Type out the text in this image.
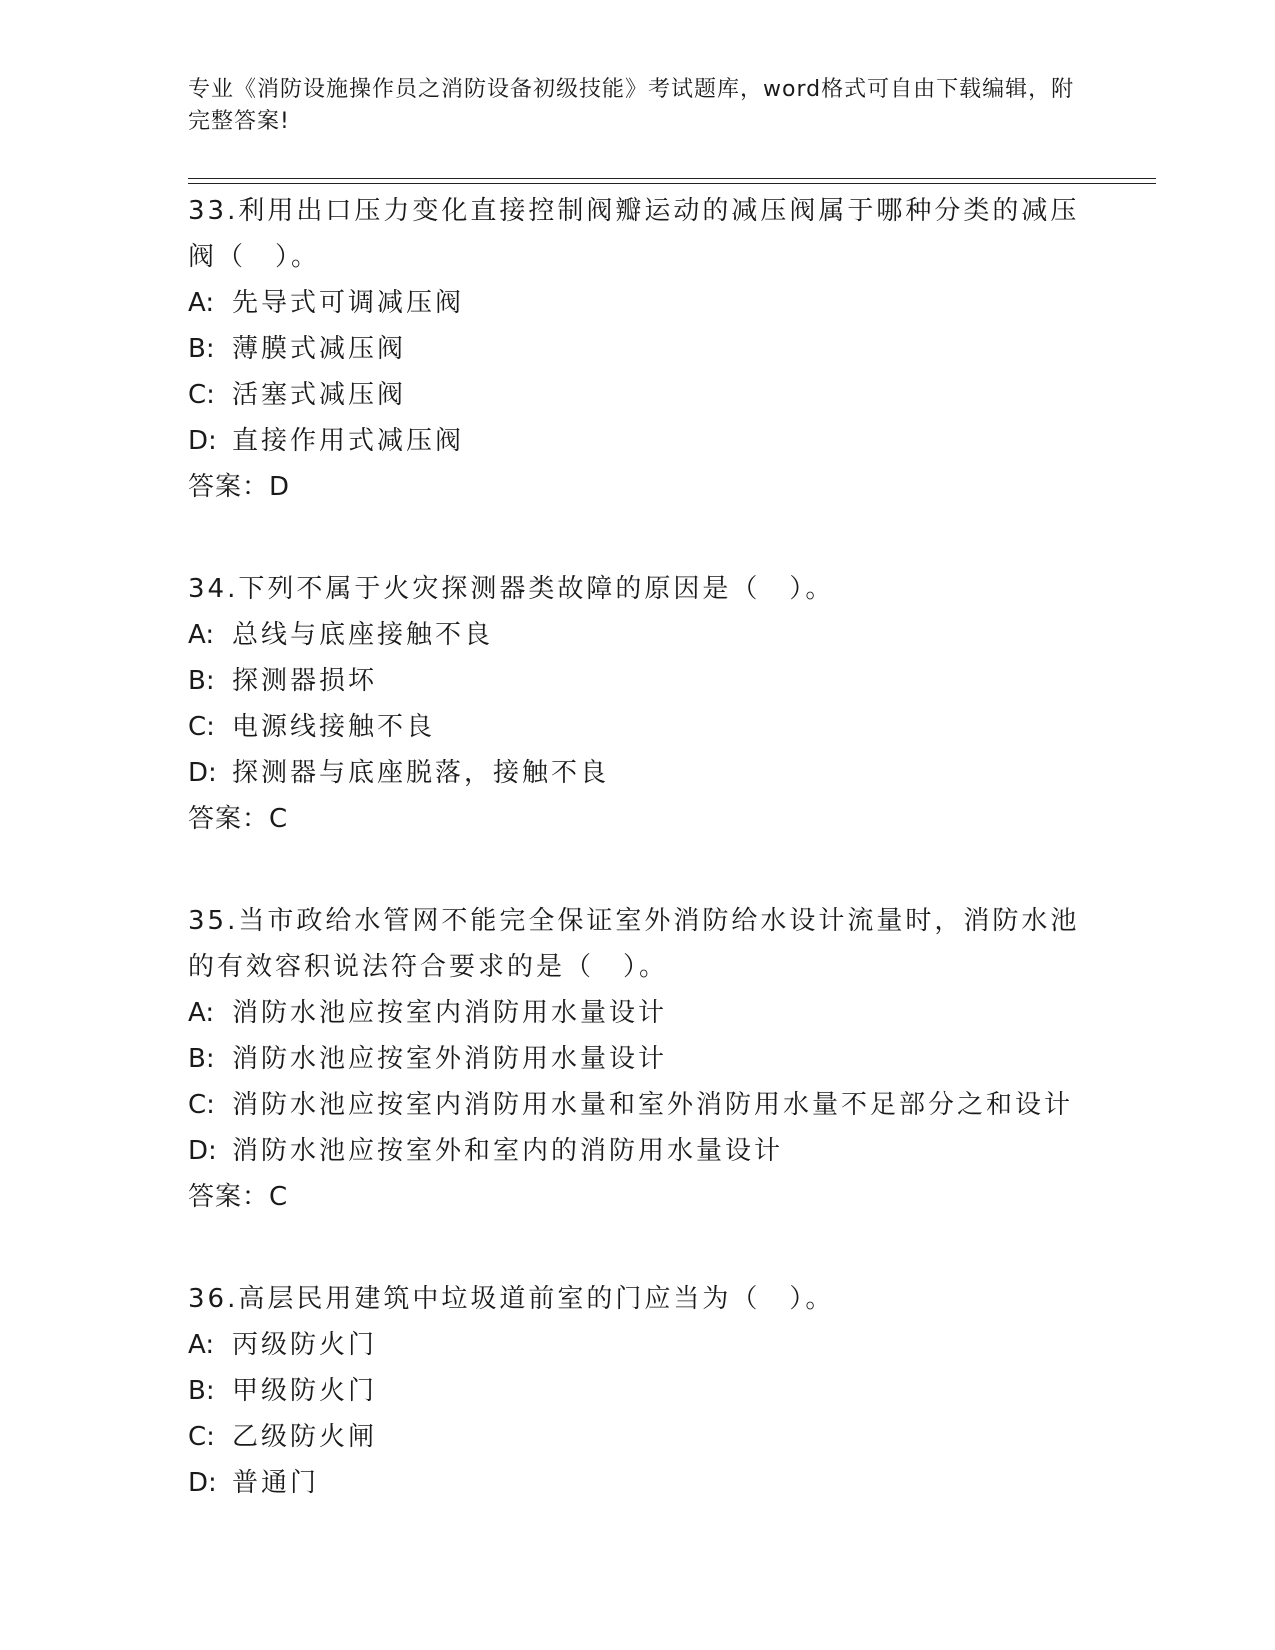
专业《消防设施操作员之消防设备初级技能》考试题库，word格式可自由下载编辑，附完整答案!

33.利用出口压力变化直接控制阀瓣运动的减压阀属于哪种分类的减压阀（　）。

A: 先导式可调减压阀

B: 薄膜式减压阀

C: 活塞式减压阀

D: 直接作用式减压阀

答案：D

34.下列不属于火灾探测器类故障的原因是（　）。

A: 总线与底座接触不良

B: 探测器损坏

C: 电源线接触不良

D: 探测器与底座脱落，接触不良

答案：C

35.当市政给水管网不能完全保证室外消防给水设计流量时，消防水池的有效容积说法符合要求的是（　）。

A: 消防水池应按室内消防用水量设计

B: 消防水池应按室外消防用水量设计

C: 消防水池应按室内消防用水量和室外消防用水量不足部分之和设计

D: 消防水池应按室外和室内的消防用水量设计

答案：C

36.高层民用建筑中垃圾道前室的门应当为（　）。

A: 丙级防火门

B: 甲级防火门

C: 乙级防火闸

D: 普通门
